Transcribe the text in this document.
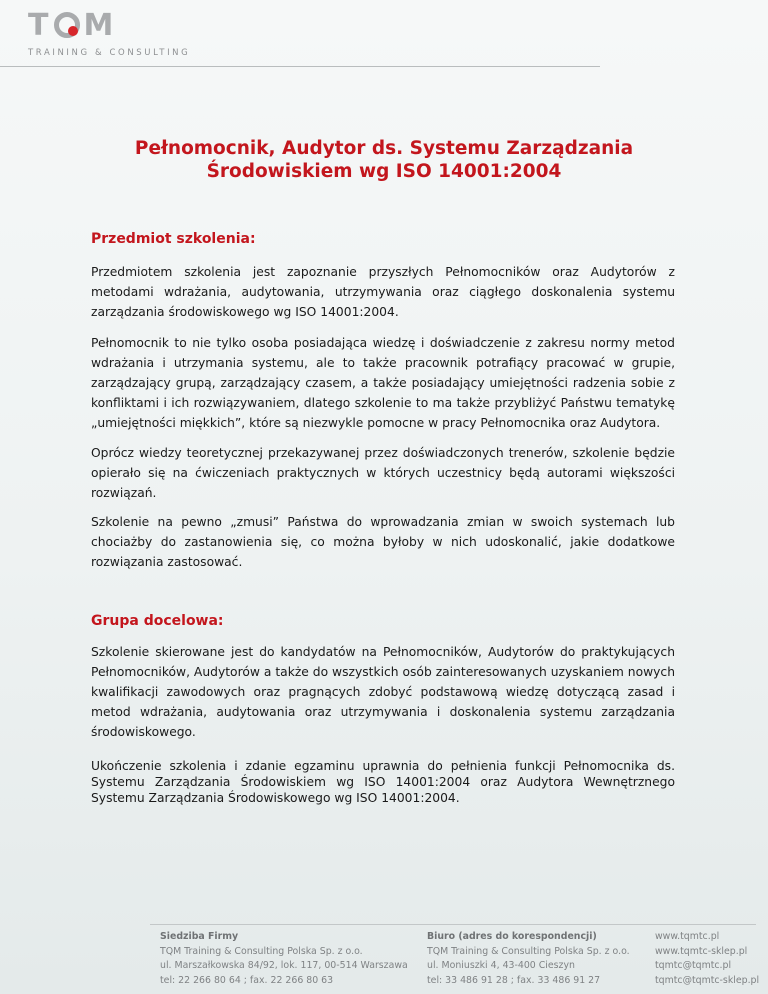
T M
TRAINING & CONSULTING
Pełnomocnik, Audytor ds. Systemu Zarządzania
Środowiskiem wg ISO 14001:2004
Przedmiot szkolenia:

Przedmiotem szkolenia jest zapoznanie przyszłych Pełnomocników oraz Audytorów z metodami wdrażania, audytowania, utrzymywania oraz ciągłego doskonalenia systemu zarządzania środowiskowego wg ISO 14001:2004.

Pełnomocnik to nie tylko osoba posiadająca wiedzę i doświadczenie z zakresu normy metod wdrażania i utrzymania systemu, ale to także pracownik potrafiący pracować w grupie, zarządzający grupą, zarządzający czasem, a także posiadający umiejętności radzenia sobie z konfliktami i ich rozwiązywaniem, dlatego szkolenie to ma także przybliżyć Państwu tematykę „umiejętności miękkich”, które są niezwykle pomocne w pracy Pełnomocnika oraz Audytora.

Oprócz wiedzy teoretycznej przekazywanej przez doświadczonych trenerów, szkolenie będzie opierało się na ćwiczeniach praktycznych w których uczestnicy będą autorami większości rozwiązań.

Szkolenie na pewno „zmusi” Państwa do wprowadzania zmian w swoich systemach lub chociażby do zastanowienia się, co można byłoby w nich udoskonalić, jakie dodatkowe rozwiązania zastosować.

Grupa docelowa:

Szkolenie skierowane jest do kandydatów na Pełnomocników, Audytorów do praktykujących Pełnomocników, Audytorów a także do wszystkich osób zainteresowanych uzyskaniem nowych kwalifikacji zawodowych oraz pragnących zdobyć podstawową wiedzę dotyczącą zasad i metod wdrażania, audytowania oraz utrzymywania i doskonalenia systemu zarządzania środowiskowego.

Ukończenie szkolenia i zdanie egzaminu uprawnia do pełnienia funkcji Pełnomocnika ds. Systemu Zarządzania Środowiskiem wg ISO 14001:2004 oraz Audytora Wewnętrznego Systemu Zarządzania Środowiskowego wg ISO 14001:2004.

Siedziba Firmy
TQM Training & Consulting Polska Sp. z o.o.
ul. Marszałkowska 84/92, lok. 117, 00-514 Warszawa
tel: 22 266 80 64 ; fax. 22 266 80 63
Biuro (adres do korespondencji)
TQM Training & Consulting Polska Sp. z o.o.
ul. Moniuszki 4, 43-400 Cieszyn
tel: 33 486 91 28 ; fax. 33 486 91 27
www.tqmtc.pl
www.tqmtc-sklep.pl
tqmtc@tqmtc.pl
tqmtc@tqmtc-sklep.pl
